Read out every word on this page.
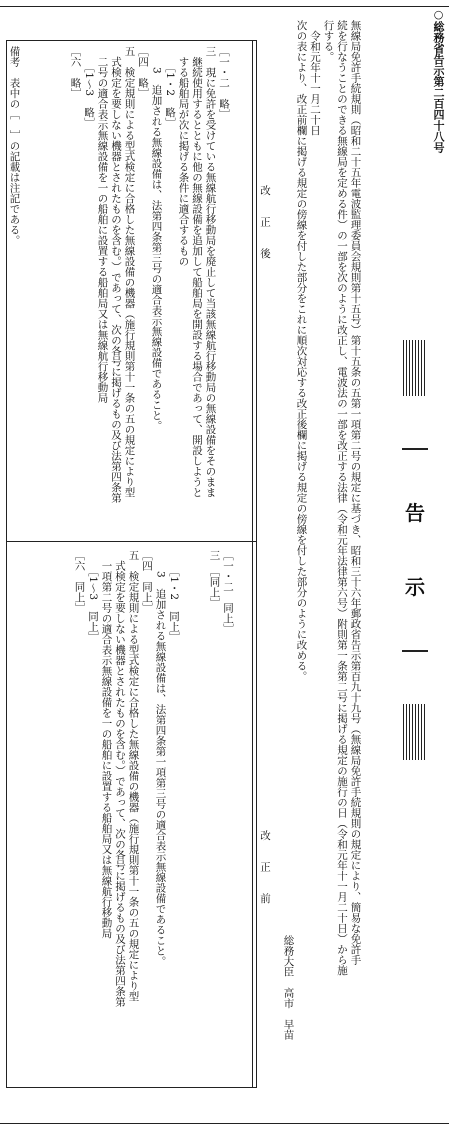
○総務省告示第二百四十八号
無線局免許手続規則（昭和二十五年電波監理委員会規則第十五号）第十五条の五第一項第二号の規定に基づき、昭和三十六年郵政省告示第百九十九号（無線局免許手続規則の規定により、簡易な免許手
続を行なうことのできる無線局を定める件）の一部を次のように改正し、電波法の一部を改正する法律（令和元年法律第六号）附則第一条第二号に掲げる規定の施行の日（令和元年十一月二十日）から施
行する。
　令和元年十一月二十日
次の表により、改正前欄に掲げる規定の傍線を付した部分をこれに順次対応する改正後欄に掲げる規定の傍線を付した部分のように改める。
総務大臣　高市　早苗
改　　正　　後
改　　正　　前
［一・二　略］
三　現に免許を受けている無線航行移動局を廃止して当該無線航行移動局の無線設備をそのまま
　継続使用するとともに他の無線設備を追加して船舶局を開設する場合であって、開設しようと
　する船舶局が次に掲げる条件に適合するもの
　　［1・2　略］
　　3　追加される無線設備は、法第四条第三号の適合表示無線設備であること。
［四　略］
五　検定規則による型式検定に合格した無線設備の機器（施行規則第十一条の五の規定により型
　式検定を要しない機器とされたものを含む。）であって、次の各号に掲げるもの及び法第四条第
　二号の適合表示無線設備を一の船舶に設置する船舶局又は無線航行移動局
　　［1～3　略］
［六　略］
［一・二　同上］
三　［同上］

　　［1・2　同上］
　　3　追加される無線設備は、法第四条第一項第三号の適合表示無線設備であること。
［四　同上］
五　検定規則による型式検定に合格した無線設備の機器（施行規則第十一条の五の規定により型
　式検定を要しない機器とされたものを含む。）であって、次の各号に掲げるもの及び法第四条第
　一項第二号の適合表示無線設備を一の船舶に設置する船舶局又は無線航行移動局
　　［1～3　同上］
［六　同上］
備考　表中の［　］の記載は注記である。
告
示
